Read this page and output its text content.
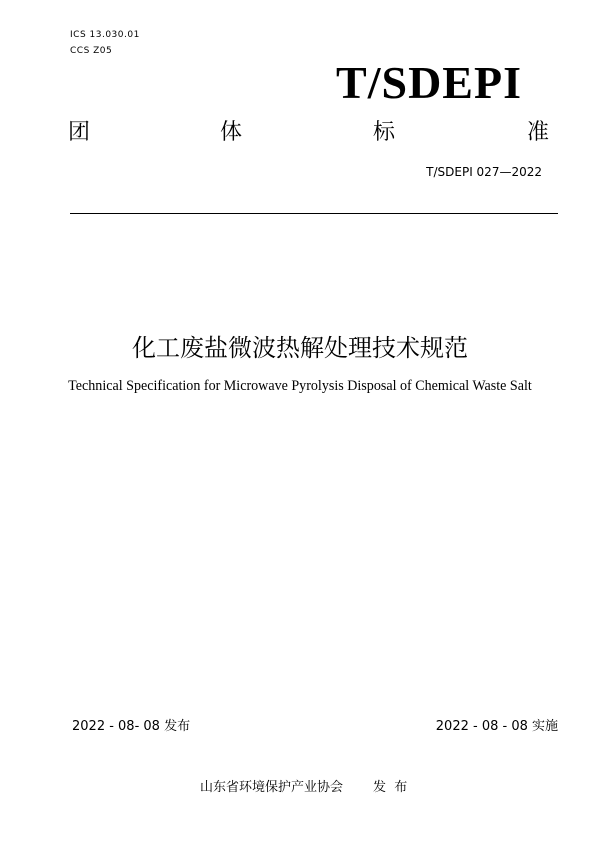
ICS 13.030.01
CCS Z05
T/SDEPI
团	体	标	准
T/SDEPI 027—2022
化工废盐微波热解处理技术规范
Technical Specification for Microwave Pyrolysis Disposal of Chemical Waste Salt
2022 - 08- 08 发布	2022 - 08 - 08 实施
山东省环境保护产业协会 发  布
